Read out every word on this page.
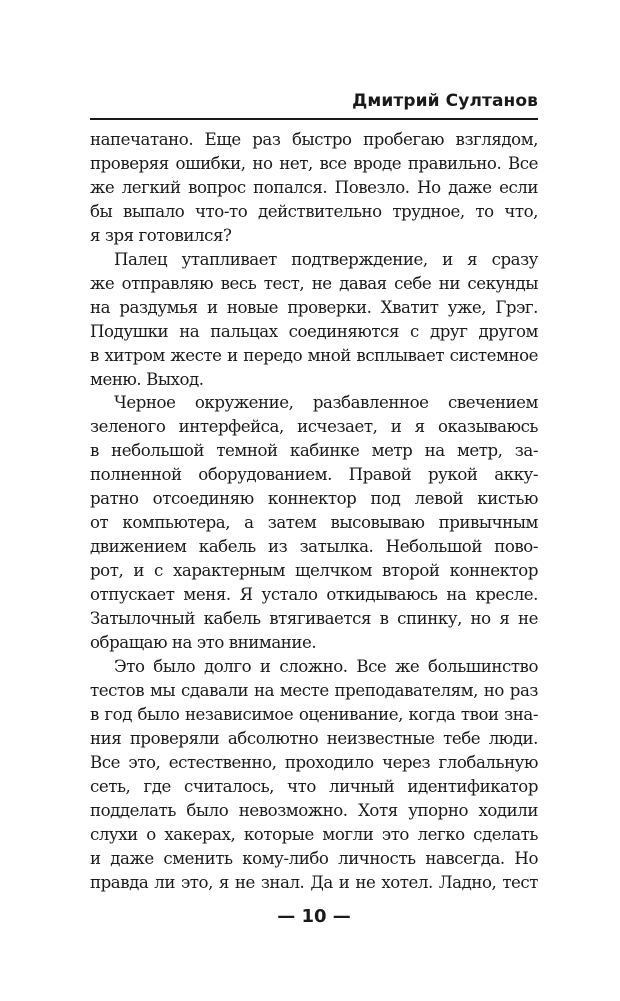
Дмитрий Султанов
напечатано. Еще раз быстро пробегаю взглядом,
проверяя ошибки, но нет, все вроде правильно. Все
же легкий вопрос попался. Повезло. Но даже если
бы выпало что-то действительно трудное, то что,
я зря готовился?
Палец утапливает подтверждение, и я сразу
же отправляю весь тест, не давая себе ни секунды
на раздумья и новые проверки. Хватит уже, Грэг.
Подушки на пальцах соединяются с друг другом
в хитром жесте и передо мной всплывает системное
меню. Выход.
Черное окружение, разбавленное свечением
зеленого интерфейса, исчезает, и я оказываюсь
в небольшой темной кабинке метр на метр, за-
полненной оборудованием. Правой рукой акку-
ратно отсоединяю коннектор под левой кистью
от компьютера, а затем высовываю привычным
движением кабель из затылка. Небольшой пово-
рот, и с характерным щелчком второй коннектор
отпускает меня. Я устало откидываюсь на кресле.
Затылочный кабель втягивается в спинку, но я не
обращаю на это внимание.
Это было долго и сложно. Все же большинство
тестов мы сдавали на месте преподавателям, но раз
в год было независимое оценивание, когда твои зна-
ния проверяли абсолютно неизвестные тебе люди.
Все это, естественно, проходило через глобальную
сеть, где считалось, что личный идентификатор
подделать было невозможно. Хотя упорно ходили
слухи о хакерах, которые могли это легко сделать
и даже сменить кому-либо личность навсегда. Но
правда ли это, я не знал. Да и не хотел. Ладно, тест
— 10 —
